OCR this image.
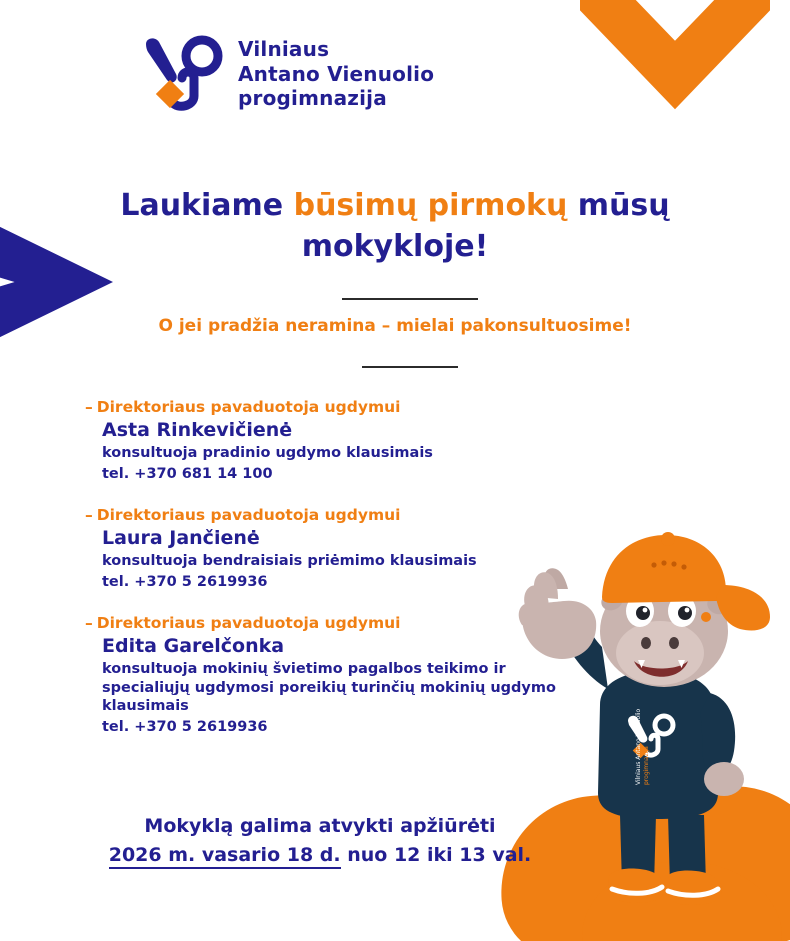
Vilniaus
Antano Vienuolio
progimnazija
Laukiame būsimų pirmokų mūsų
mokykloje!
O jei pradžia neramina – mielai pakonsultuosime!
– Direktoriaus pavaduotoja ugdymui
Asta Rinkevičienė
konsultuoja pradinio ugdymo klausimais
tel. +370 681 14 100
– Direktoriaus pavaduotoja ugdymui
Laura Jančienė
konsultuoja bendraisiais priėmimo klausimais
tel. +370 5 2619936
– Direktoriaus pavaduotoja ugdymui
Edita Garelčonka
konsultuoja mokinių švietimo pagalbos teikimo ir specialiųjų ugdymosi poreikių turinčių mokinių ugdymo klausimais
tel. +370 5 2619936
Mokyklą galima atvykti apžiūrėti
2026 m. vasario 18 d. nuo 12 iki 13 val.
Vilniaus Antano Vienuolio progimnazija
